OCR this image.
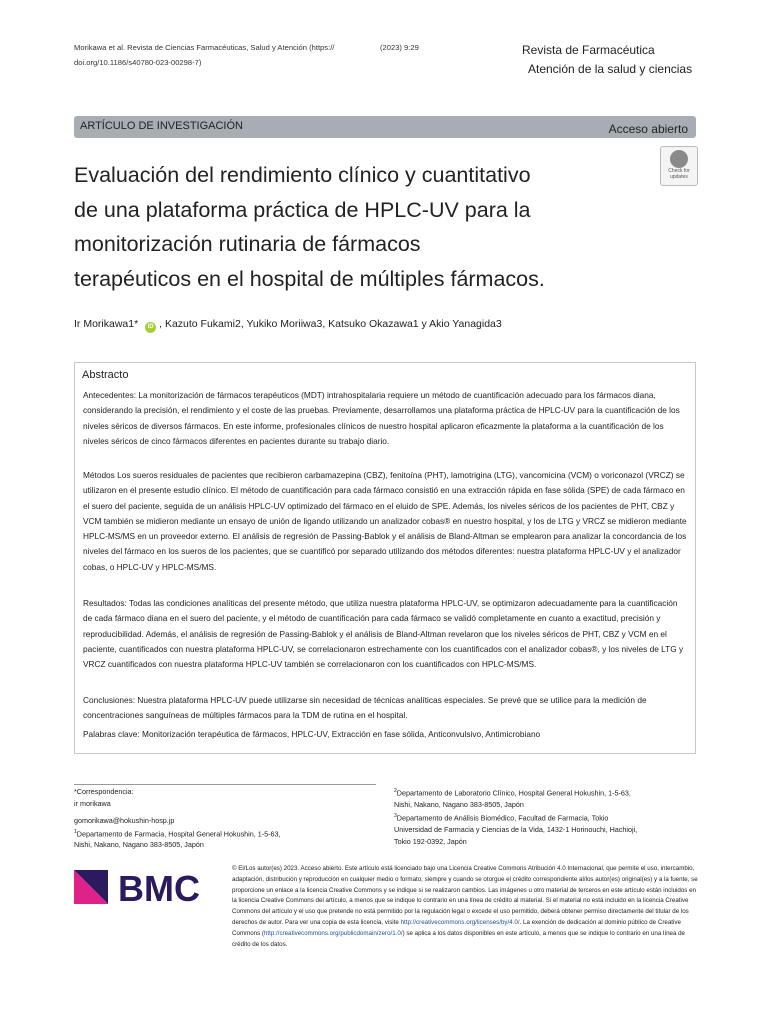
Morikawa et al. Revista de Ciencias Farmacéuticas, Salud y Atención (https://
doi.org/10.1186/s40780-023-00298-7)
(2023) 9:29	Revista de Farmacéutica
Atención de la salud y ciencias
ARTÍCULO DE INVESTIGACIÓN	Acceso abierto
Check for
updates
Evaluación del rendimiento clínico y cuantitativo
de una plataforma práctica de HPLC-UV para la
monitorización rutinaria de fármacos
terapéuticos en el hospital de múltiples fármacos.
Ir Morikawa1* iD , Kazuto Fukami2, Yukiko Moriiwa3, Katsuko Okazawa1 y Akio Yanagida3
Abstracto

Antecedentes: La monitorización de fármacos terapéuticos (MDT) intrahospitalaria requiere un método de cuantificación adecuado para los fármacos diana, considerando la precisión, el rendimiento y el coste de las pruebas. Previamente, desarrollamos una plataforma práctica de HPLC-UV para la cuantificación de los niveles séricos de diversos fármacos. En este informe, profesionales clínicos de nuestro hospital aplicaron eficazmente la plataforma a la cuantificación de los niveles séricos de cinco fármacos diferentes en pacientes durante su trabajo diario.

Métodos Los sueros residuales de pacientes que recibieron carbamazepina (CBZ), fenitoína (PHT), lamotrigina (LTG), vancomicina (VCM) o voriconazol (VRCZ) se utilizaron en el presente estudio clínico. El método de cuantificación para cada fármaco consistió en una extracción rápida en fase sólida (SPE) de cada fármaco en el suero del paciente, seguida de un análisis HPLC-UV optimizado del fármaco en el eluido de SPE. Además, los niveles séricos de los pacientes de PHT, CBZ y VCM también se midieron mediante un ensayo de unión de ligando utilizando un analizador cobas® en nuestro hospital, y los de LTG y VRCZ se midieron mediante HPLC-MS/MS en un proveedor externo. El análisis de regresión de Passing-Bablok y el análisis de Bland-Altman se emplearon para analizar la concordancia de los niveles del fármaco en los sueros de los pacientes, que se cuantificó por separado utilizando dos métodos diferentes: nuestra plataforma HPLC-UV y el analizador cobas, o HPLC-UV y HPLC-MS/MS.

Resultados: Todas las condiciones analíticas del presente método, que utiliza nuestra plataforma HPLC-UV, se optimizaron adecuadamente para la cuantificación de cada fármaco diana en el suero del paciente, y el método de cuantificación para cada fármaco se validó completamente en cuanto a exactitud, precisión y reproducibilidad. Además, el análisis de regresión de Passing-Bablok y el análisis de Bland-Altman revelaron que los niveles séricos de PHT, CBZ y VCM en el paciente, cuantificados con nuestra plataforma HPLC-UV, se correlacionaron estrechamente con los cuantificados con el analizador cobas®, y los niveles de LTG y VRCZ cuantificados con nuestra plataforma HPLC-UV también se correlacionaron con los cuantificados con HPLC-MS/MS.

Conclusiones: Nuestra plataforma HPLC-UV puede utilizarse sin necesidad de técnicas analíticas especiales. Se prevé que se utilice para la medición de concentraciones sanguíneas de múltiples fármacos para la TDM de rutina en el hospital.

Palabras clave: Monitorización terapéutica de fármacos, HPLC-UV, Extracción en fase sólida, Anticonvulsivo, Antimicrobiano

*Correspondencia:
ir morikawa
gomorikawa@hokushin-hosp.jp
$^1$Departamento de Farmacia, Hospital General Hokushin, 1-5-63,
Nishi, Nakano, Nagano 383-8505, Japón
$^2$Departamento de Laboratorio Clínico, Hospital General Hokushin, 1-5-63,
Nishi, Nakano, Nagano 383-8505, Japón
$^3$Departamento de Análisis Biomédico, Facultad de Farmacia, Tokio
Universidad de Farmacia y Ciencias de la Vida, 1432-1 Horinouchi, Hachioji,
Tokio 192-0392, Japón
BMC	© El/Los autor(es) 2023. Acceso abierto. Este artículo está licenciado bajo una Licencia Creative Commons Atribución 4.0 Internacional, que permite el uso, intercambio, adaptación, distribución y reproducción en cualquier medio o formato, siempre y cuando se otorgue el crédito correspondiente al/los autor(es) original(es) y a la fuente, se proporcione un enlace a la licencia Creative Commons y se indique si se realizaron cambios. Las imágenes u otro material de terceros en este artículo están incluidos en la licencia Creative Commons del artículo, a menos que se indique lo contrario en una línea de crédito al material. Si el material no está incluido en la licencia Creative Commons del artículo y el uso que pretende no está permitido por la regulación legal o excede el uso permitido, deberá obtener permiso directamente del titular de los derechos de autor. Para ver una copia de esta licencia, visite http://creativecommons.org/licenses/by/4.0/. La exención de dedicación al dominio público de Creative Commons (http://creativecommons.org/publicdomain/zero/1.0/) se aplica a los datos disponibles en este artículo, a menos que se indique lo contrario en una línea de crédito de los datos.
